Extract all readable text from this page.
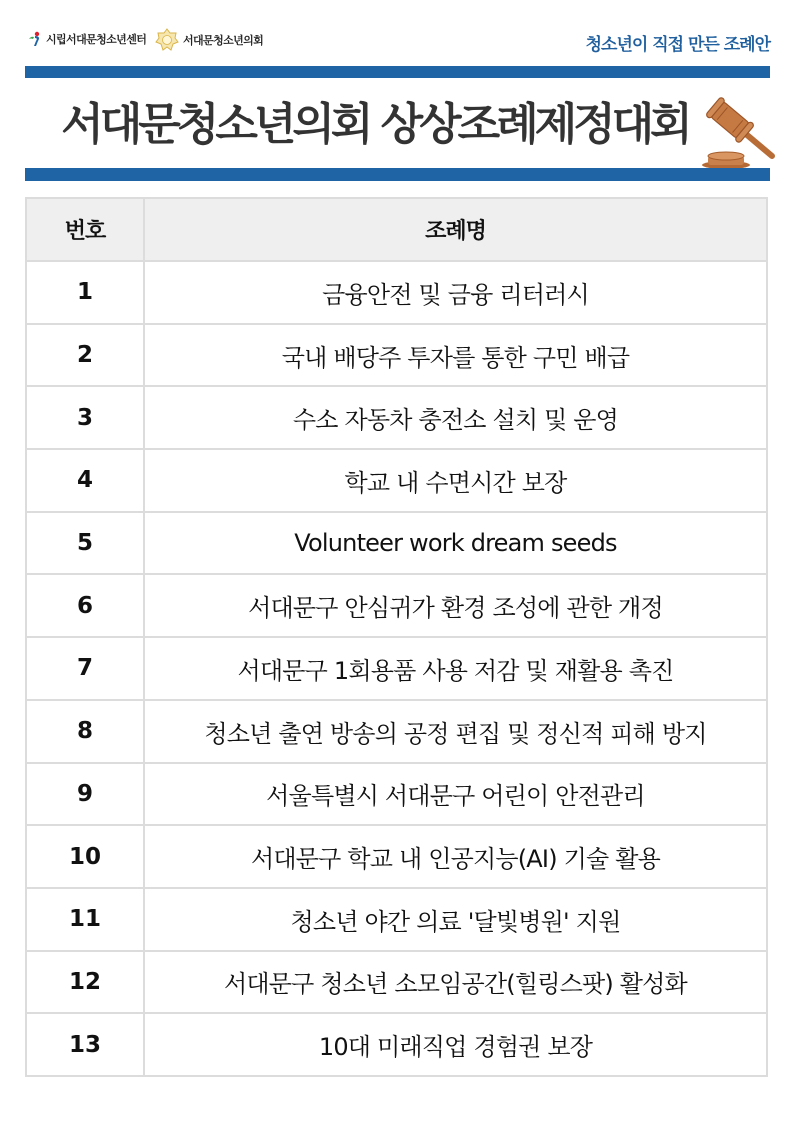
시립서대문청소년센터	서대문청소년의회	청소년이 직접 만든 조례안
서대문청소년의회 상상조례제정대회
번호	조례명
1	금융안전 및 금융 리터러시
2	국내 배당주 투자를 통한 구민 배급
3	수소 자동차 충전소 설치 및 운영
4	학교 내 수면시간 보장
5	Volunteer work dream seeds
6	서대문구 안심귀가 환경 조성에 관한 개정
7	서대문구 1회용품 사용 저감 및 재활용 촉진
8	청소년 출연 방송의 공정 편집 및 정신적 피해 방지
9	서울특별시 서대문구 어린이 안전관리
10	서대문구 학교 내 인공지능(AI) 기술 활용
11	청소년 야간 의료 '달빛병원' 지원
12	서대문구 청소년 소모임공간(힐링스팟) 활성화
13	10대 미래직업 경험권 보장
